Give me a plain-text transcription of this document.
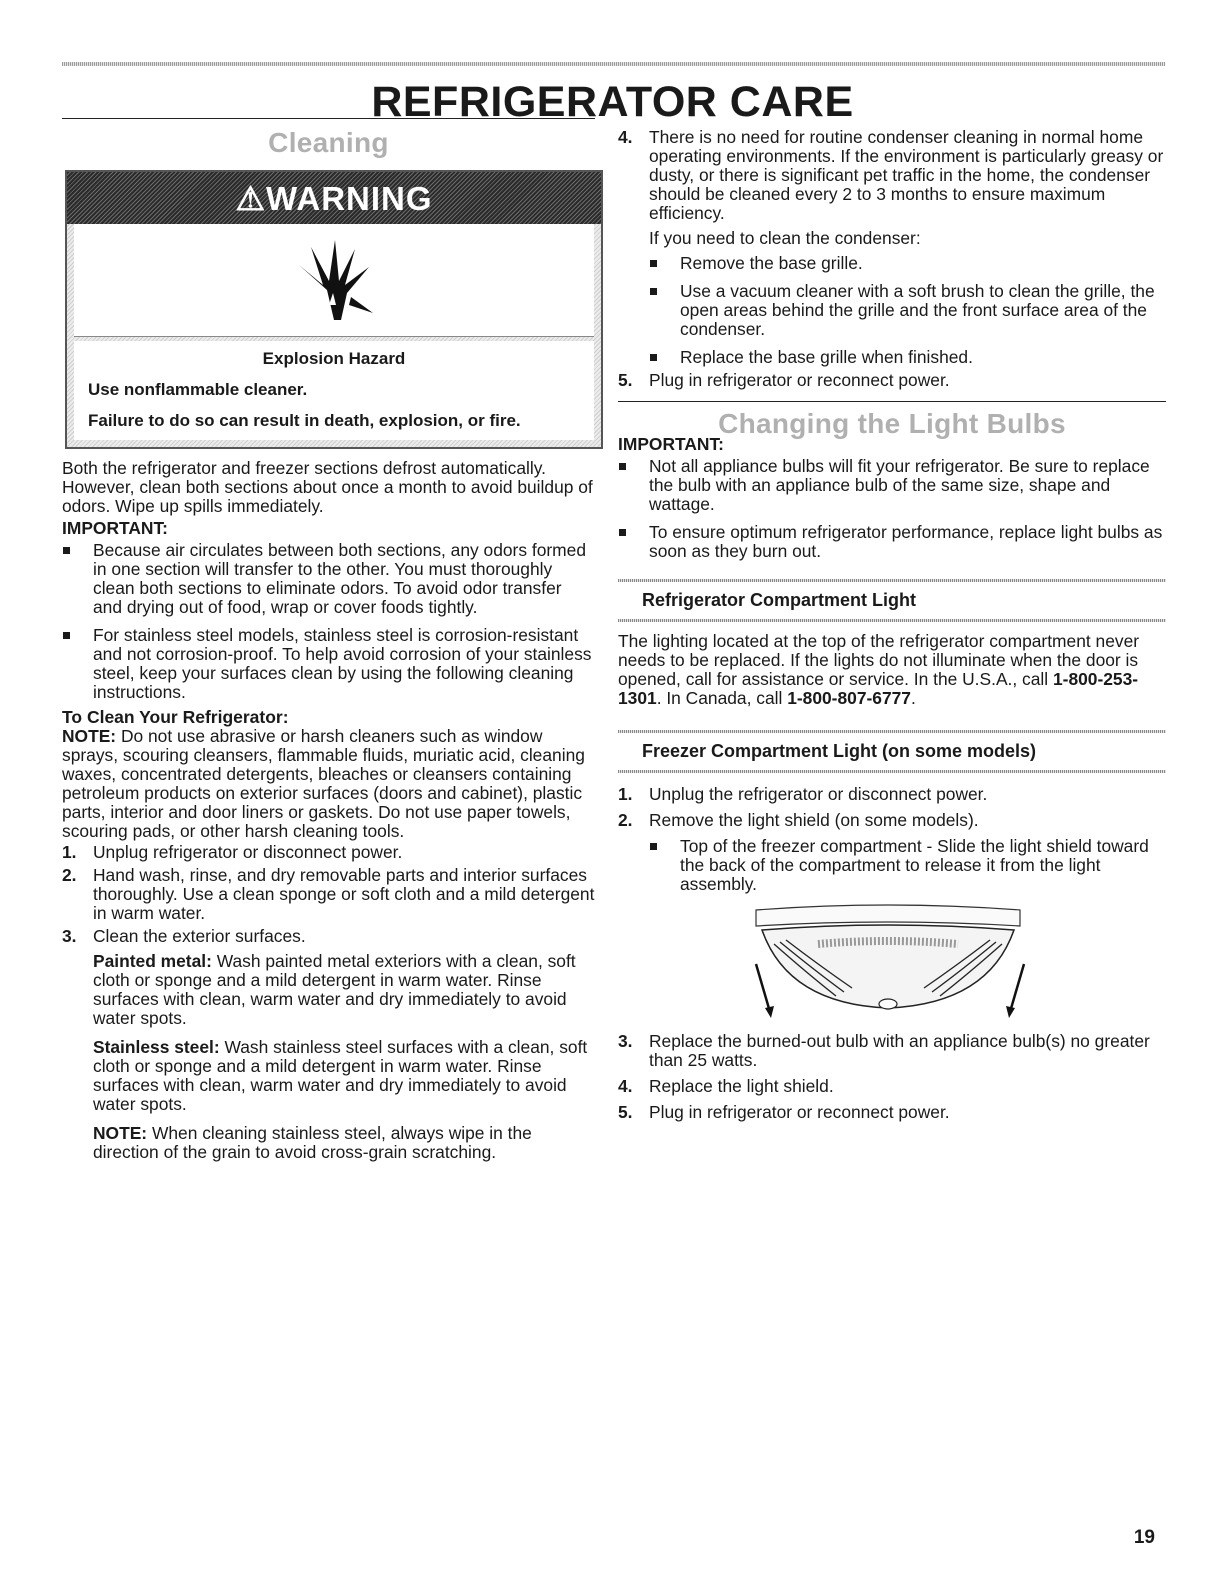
REFRIGERATOR CARE
Cleaning
⚠WARNING

Explosion Hazard

Use nonflammable cleaner.

Failure to do so can result in death, explosion, or fire.

Both the refrigerator and freezer sections defrost automatically. However, clean both sections about once a month to avoid buildup of odors. Wipe up spills immediately.

IMPORTANT:

Because air circulates between both sections, any odors formed in one section will transfer to the other. You must thoroughly clean both sections to eliminate odors. To avoid odor transfer and drying out of food, wrap or cover foods tightly.
For stainless steel models, stainless steel is corrosion-resistant and not corrosion-proof. To help avoid corrosion of your stainless steel, keep your surfaces clean by using the following cleaning instructions.

To Clean Your Refrigerator:

NOTE: Do not use abrasive or harsh cleaners such as window sprays, scouring cleansers, flammable fluids, muriatic acid, cleaning waxes, concentrated detergents, bleaches or cleansers containing petroleum products on exterior surfaces (doors and cabinet), plastic parts, interior and door liners or gaskets. Do not use paper towels, scouring pads, or other harsh cleaning tools.

1. Unplug refrigerator or disconnect power.
2. Hand wash, rinse, and dry removable parts and interior surfaces thoroughly. Use a clean sponge or soft cloth and a mild detergent in warm water.
3. Clean the exterior surfaces.

Painted metal: Wash painted metal exteriors with a clean, soft cloth or sponge and a mild detergent in warm water. Rinse surfaces with clean, warm water and dry immediately to avoid water spots.

Stainless steel: Wash stainless steel surfaces with a clean, soft cloth or sponge and a mild detergent in warm water. Rinse surfaces with clean, warm water and dry immediately to avoid water spots.

NOTE: When cleaning stainless steel, always wipe in the direction of the grain to avoid cross-grain scratching.

4. There is no need for routine condenser cleaning in normal home operating environments. If the environment is particularly greasy or dusty, or there is significant pet traffic in the home, the condenser should be cleaned every 2 to 3 months to ensure maximum efficiency.

If you need to clean the condenser:

Remove the base grille.
Use a vacuum cleaner with a soft brush to clean the grille, the open areas behind the grille and the front surface area of the condenser.
Replace the base grille when finished.
5. Plug in refrigerator or reconnect power.
Changing the Light Bulbs

IMPORTANT:

Not all appliance bulbs will fit your refrigerator. Be sure to replace the bulb with an appliance bulb of the same size, shape and wattage.
To ensure optimum refrigerator performance, replace light bulbs as soon as they burn out.
Refrigerator Compartment Light

The lighting located at the top of the refrigerator compartment never needs to be replaced. If the lights do not illuminate when the door is opened, call for assistance or service. In the U.S.A., call 1-800-253-1301. In Canada, call 1-800-807-6777.

Freezer Compartment Light (on some models)
1. Unplug the refrigerator or disconnect power.
2. Remove the light shield (on some models).
Top of the freezer compartment - Slide the light shield toward the back of the compartment to release it from the light assembly.
3. Replace the burned-out bulb with an appliance bulb(s) no greater than 25 watts.
4. Replace the light shield.
5. Plug in refrigerator or reconnect power.
19
